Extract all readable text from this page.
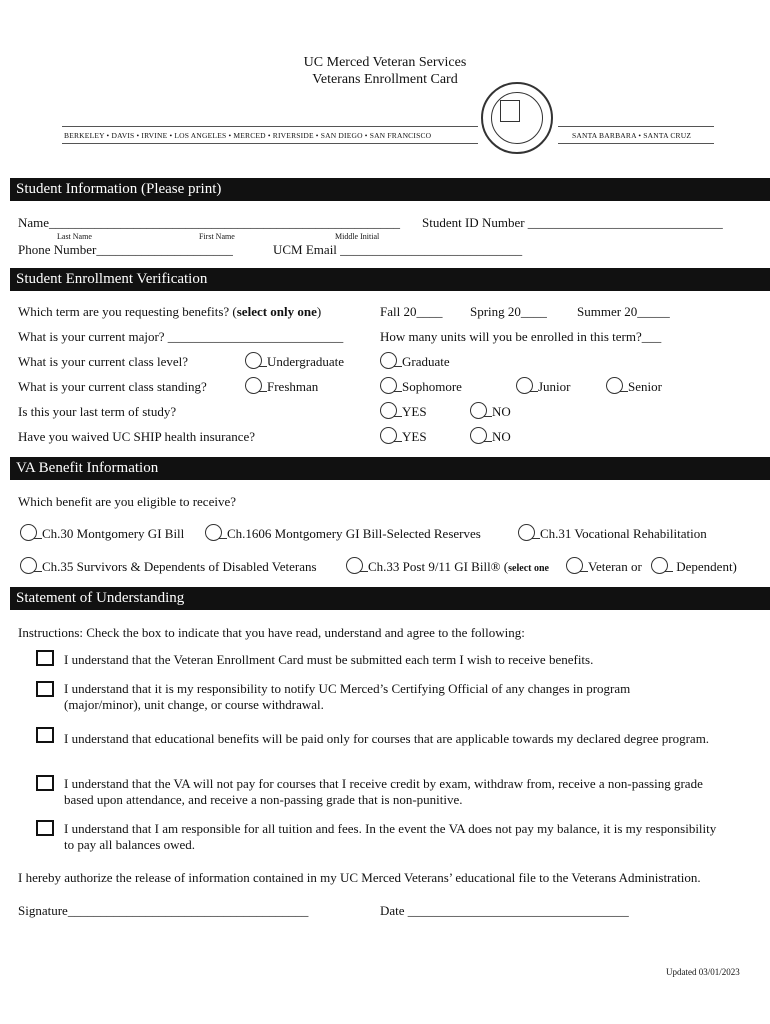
UC Merced Veteran Services
Veterans Enrollment Card
BERKELEY • DAVIS • IRVINE • LOS ANGELES • MERCED • RIVERSIDE • SAN DIEGO • SAN FRANCISCO	SANTA BARBARA • SANTA CRUZ
Student Information (Please print)
Name______________________________________________________ Student ID Number ______________________________
Last Name	First Name	Middle Initial
Phone Number_____________________	UCM Email ____________________________
Student Enrollment Verification
Which term are you requesting benefits? (select only one)	Fall 20____ Spring 20____ Summer 20_____
What is your current major? ___________________________	How many units will you be enrolled in this term?___
What is your current class level?	Undergraduate	Graduate
What is your current class standing?	Freshman	Sophomore	Junior	Senior
Is this your last term of study?	YES	NO
Have you waived UC SHIP health insurance?	YES	NO
VA Benefit Information
Which benefit are you eligible to receive?
Ch.30 Montgomery GI Bill	Ch.1606 Montgomery GI Bill-Selected Reserves	Ch.31 Vocational Rehabilitation
Ch.35 Survivors & Dependents of Disabled Veterans	Ch.33 Post 9/11 GI Bill® (select one	Veteran or	Dependent)
Statement of Understanding
Instructions: Check the box to indicate that you have read, understand and agree to the following:
I understand that the Veteran Enrollment Card must be submitted each term I wish to receive benefits.
I understand that it is my responsibility to notify UC Merced’s Certifying Official of any changes in program (major/minor), unit change, or course withdrawal.
I understand that educational benefits will be paid only for courses that are applicable towards my declared degree program.
I understand that the VA will not pay for courses that I receive credit by exam, withdraw from, receive a non-passing grade based upon attendance, and receive a non-passing grade that is non-punitive.
I understand that I am responsible for all tuition and fees. In the event the VA does not pay my balance, it is my responsibility to pay all balances owed.
I hereby authorize the release of information contained in my UC Merced Veterans’ educational file to the Veterans Administration.
Signature_____________________________________	Date __________________________________
Updated 03/01/2023
